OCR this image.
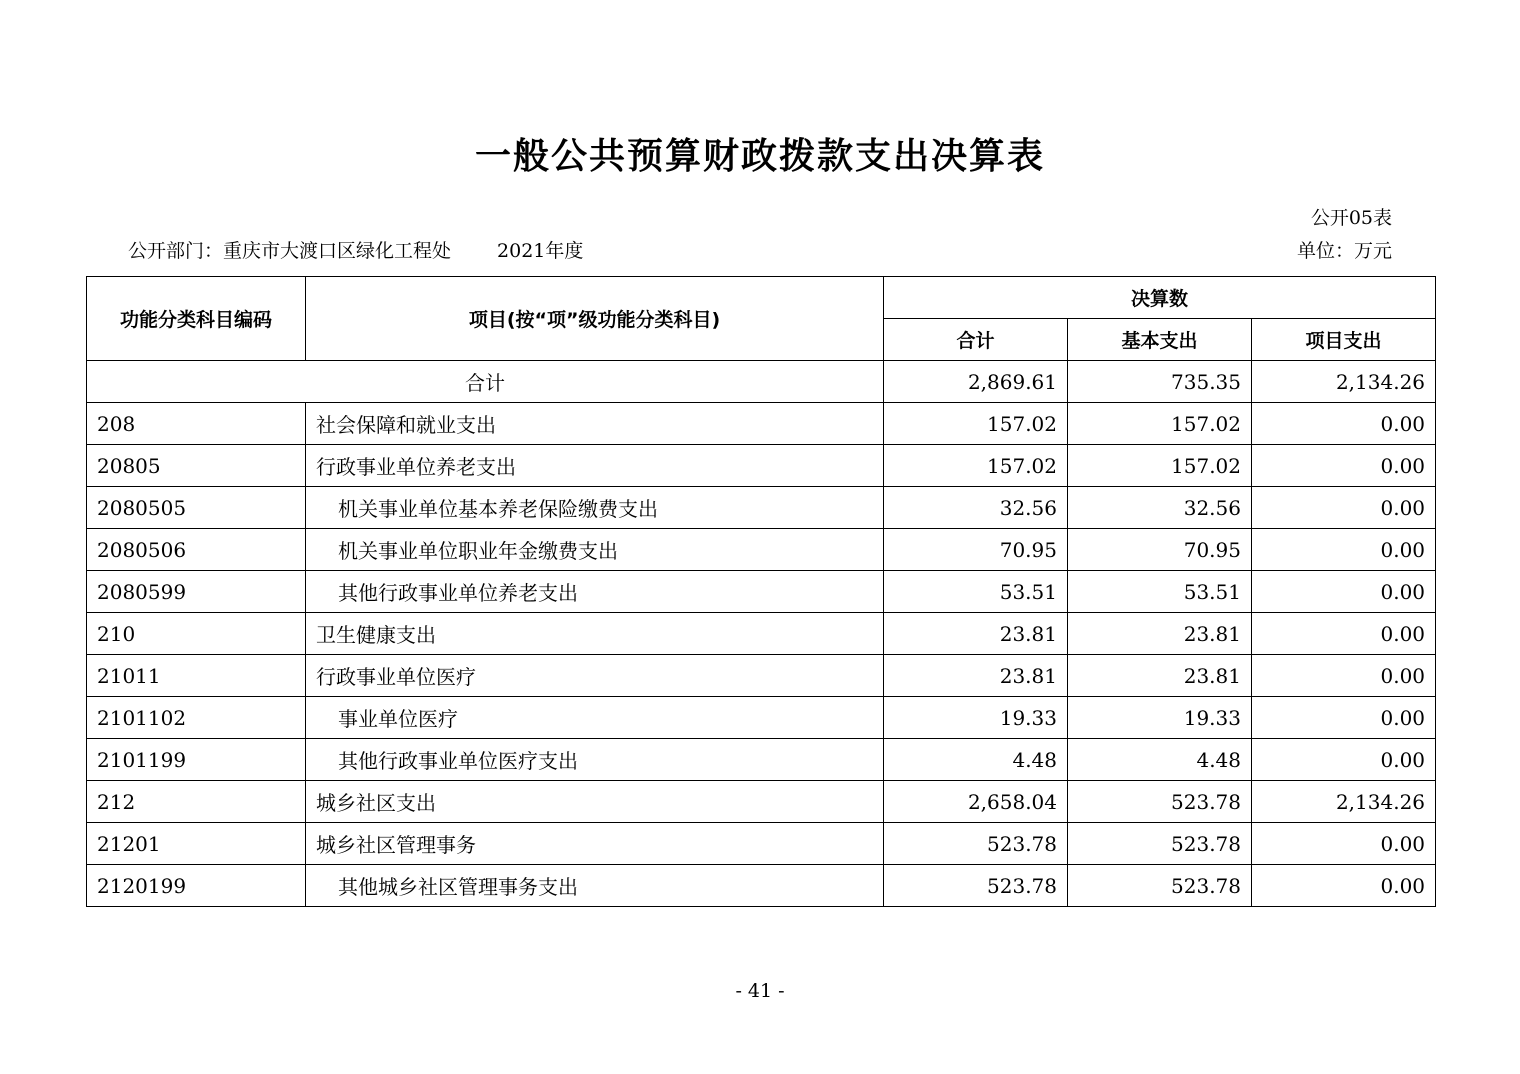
一般公共预算财政拨款支出决算表
公开05表
公开部门：重庆市大渡口区绿化工程处 2021年度	单位：万元
功能分类科目编码	项目(按“项”级功能分类科目)	决算数		
		合计	基本支出	项目支出
合计		2,869.61	735.35	2,134.26
208	社会保障和就业支出	157.02	157.02	0.00
20805	行政事业单位养老支出	157.02	157.02	0.00
2080505	机关事业单位基本养老保险缴费支出	32.56	32.56	0.00
2080506	机关事业单位职业年金缴费支出	70.95	70.95	0.00
2080599	其他行政事业单位养老支出	53.51	53.51	0.00
210	卫生健康支出	23.81	23.81	0.00
21011	行政事业单位医疗	23.81	23.81	0.00
2101102	事业单位医疗	19.33	19.33	0.00
2101199	其他行政事业单位医疗支出	4.48	4.48	0.00
212	城乡社区支出	2,658.04	523.78	2,134.26
21201	城乡社区管理事务	523.78	523.78	0.00
2120199	其他城乡社区管理事务支出	523.78	523.78	0.00
- 41 -
